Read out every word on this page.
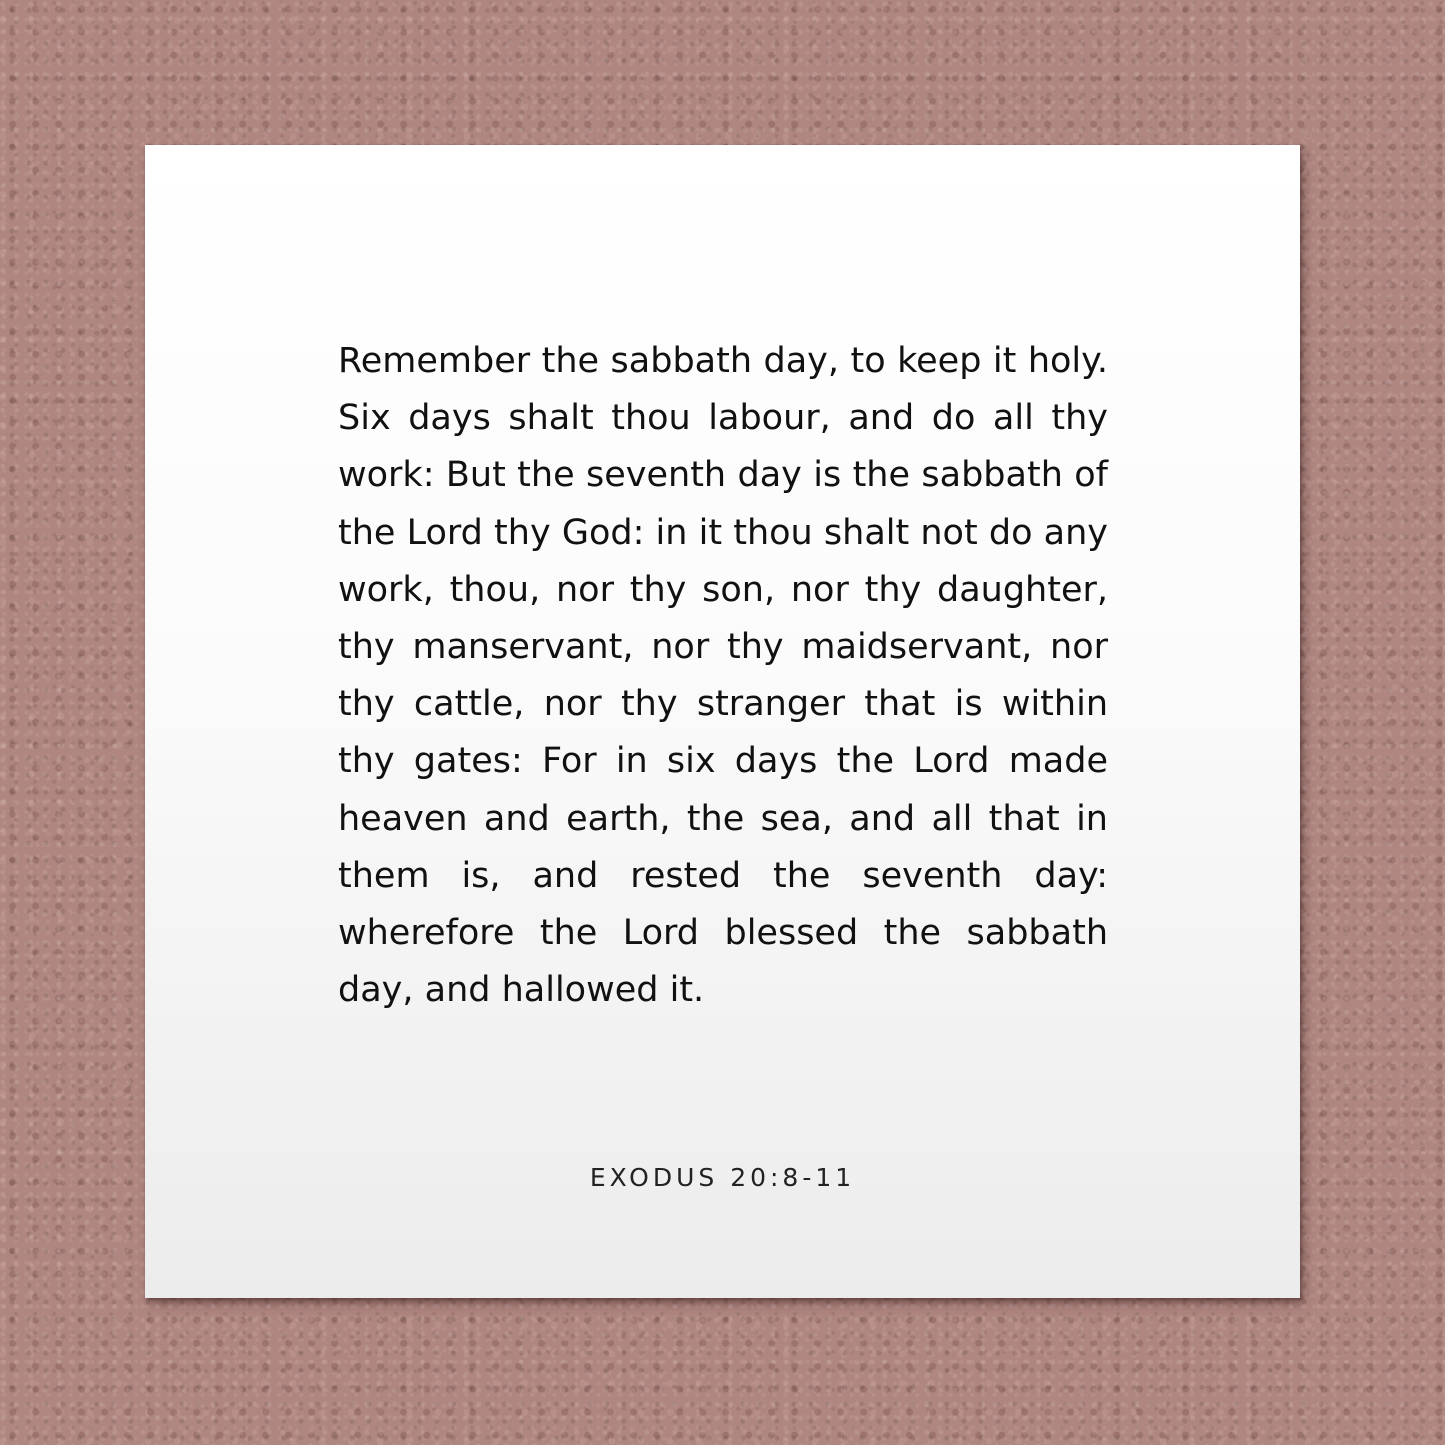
Remember the sabbath day, to keep it holy. Six days shalt thou labour, and do all thy work: But the seventh day is the sabbath of the Lord thy God: in it thou shalt not do any work, thou, nor thy son, nor thy daughter, thy manservant, nor thy maidservant, nor thy cattle, nor thy stranger that is within thy gates: For in six days the Lord made heaven and earth, the sea, and all that in them is, and rested the seventh day: wherefore the Lord blessed the sabbath day, and hallowed it.

EXODUS 20:8-11
